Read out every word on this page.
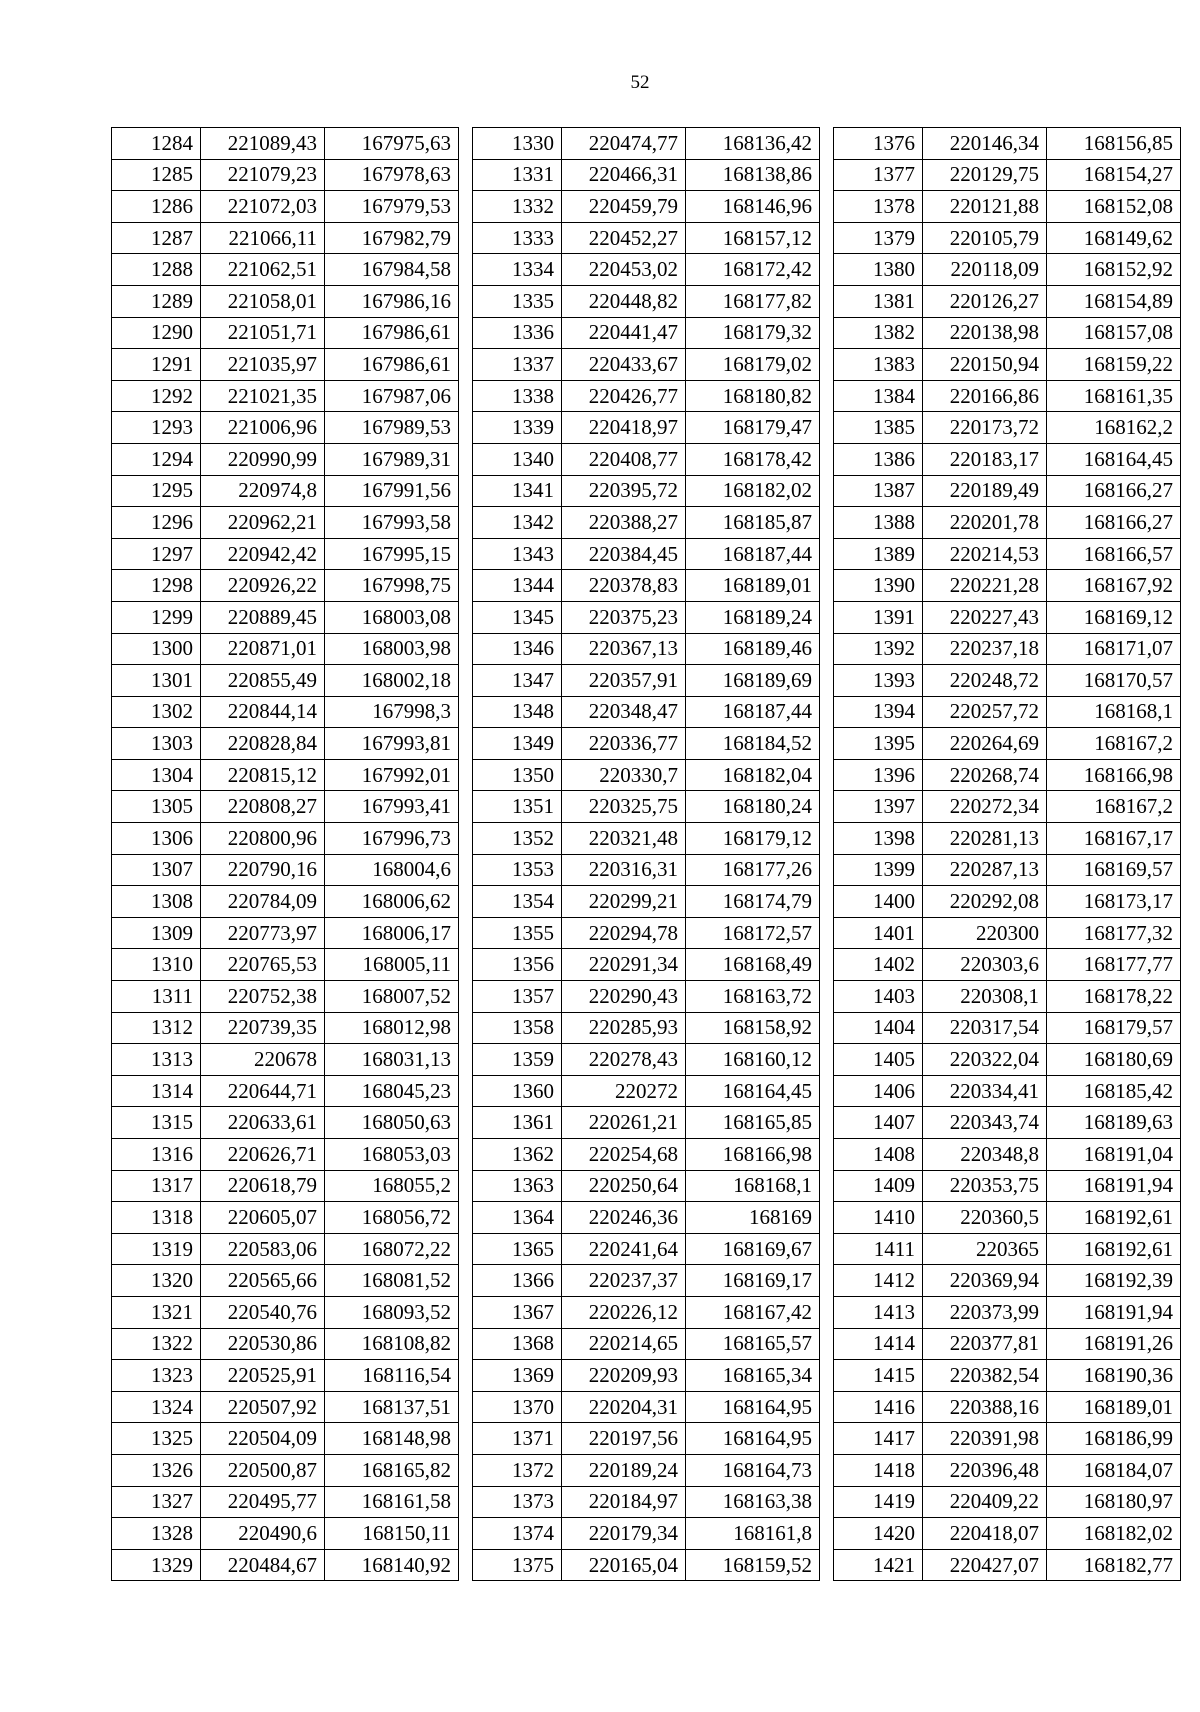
52
1284	221089,43	167975,63
1285	221079,23	167978,63
1286	221072,03	167979,53
1287	221066,11	167982,79
1288	221062,51	167984,58
1289	221058,01	167986,16
1290	221051,71	167986,61
1291	221035,97	167986,61
1292	221021,35	167987,06
1293	221006,96	167989,53
1294	220990,99	167989,31
1295	220974,8	167991,56
1296	220962,21	167993,58
1297	220942,42	167995,15
1298	220926,22	167998,75
1299	220889,45	168003,08
1300	220871,01	168003,98
1301	220855,49	168002,18
1302	220844,14	167998,3
1303	220828,84	167993,81
1304	220815,12	167992,01
1305	220808,27	167993,41
1306	220800,96	167996,73
1307	220790,16	168004,6
1308	220784,09	168006,62
1309	220773,97	168006,17
1310	220765,53	168005,11
1311	220752,38	168007,52
1312	220739,35	168012,98
1313	220678	168031,13
1314	220644,71	168045,23
1315	220633,61	168050,63
1316	220626,71	168053,03
1317	220618,79	168055,2
1318	220605,07	168056,72
1319	220583,06	168072,22
1320	220565,66	168081,52
1321	220540,76	168093,52
1322	220530,86	168108,82
1323	220525,91	168116,54
1324	220507,92	168137,51
1325	220504,09	168148,98
1326	220500,87	168165,82
1327	220495,77	168161,58
1328	220490,6	168150,11
1329	220484,67	168140,92
1330	220474,77	168136,42
1331	220466,31	168138,86
1332	220459,79	168146,96
1333	220452,27	168157,12
1334	220453,02	168172,42
1335	220448,82	168177,82
1336	220441,47	168179,32
1337	220433,67	168179,02
1338	220426,77	168180,82
1339	220418,97	168179,47
1340	220408,77	168178,42
1341	220395,72	168182,02
1342	220388,27	168185,87
1343	220384,45	168187,44
1344	220378,83	168189,01
1345	220375,23	168189,24
1346	220367,13	168189,46
1347	220357,91	168189,69
1348	220348,47	168187,44
1349	220336,77	168184,52
1350	220330,7	168182,04
1351	220325,75	168180,24
1352	220321,48	168179,12
1353	220316,31	168177,26
1354	220299,21	168174,79
1355	220294,78	168172,57
1356	220291,34	168168,49
1357	220290,43	168163,72
1358	220285,93	168158,92
1359	220278,43	168160,12
1360	220272	168164,45
1361	220261,21	168165,85
1362	220254,68	168166,98
1363	220250,64	168168,1
1364	220246,36	168169
1365	220241,64	168169,67
1366	220237,37	168169,17
1367	220226,12	168167,42
1368	220214,65	168165,57
1369	220209,93	168165,34
1370	220204,31	168164,95
1371	220197,56	168164,95
1372	220189,24	168164,73
1373	220184,97	168163,38
1374	220179,34	168161,8
1375	220165,04	168159,52
1376	220146,34	168156,85
1377	220129,75	168154,27
1378	220121,88	168152,08
1379	220105,79	168149,62
1380	220118,09	168152,92
1381	220126,27	168154,89
1382	220138,98	168157,08
1383	220150,94	168159,22
1384	220166,86	168161,35
1385	220173,72	168162,2
1386	220183,17	168164,45
1387	220189,49	168166,27
1388	220201,78	168166,27
1389	220214,53	168166,57
1390	220221,28	168167,92
1391	220227,43	168169,12
1392	220237,18	168171,07
1393	220248,72	168170,57
1394	220257,72	168168,1
1395	220264,69	168167,2
1396	220268,74	168166,98
1397	220272,34	168167,2
1398	220281,13	168167,17
1399	220287,13	168169,57
1400	220292,08	168173,17
1401	220300	168177,32
1402	220303,6	168177,77
1403	220308,1	168178,22
1404	220317,54	168179,57
1405	220322,04	168180,69
1406	220334,41	168185,42
1407	220343,74	168189,63
1408	220348,8	168191,04
1409	220353,75	168191,94
1410	220360,5	168192,61
1411	220365	168192,61
1412	220369,94	168192,39
1413	220373,99	168191,94
1414	220377,81	168191,26
1415	220382,54	168190,36
1416	220388,16	168189,01
1417	220391,98	168186,99
1418	220396,48	168184,07
1419	220409,22	168180,97
1420	220418,07	168182,02
1421	220427,07	168182,77
